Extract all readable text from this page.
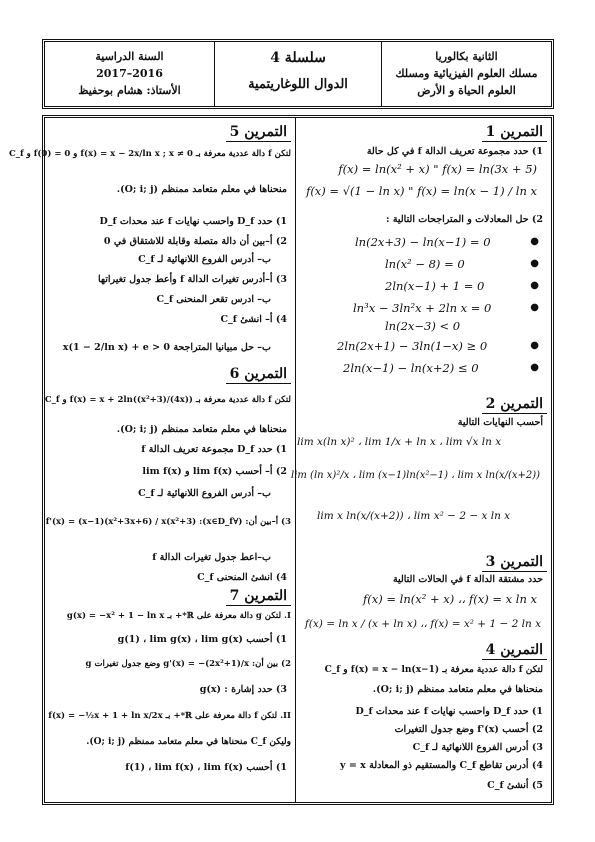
الثانية بكالوريا
مسلك العلوم الفيزيائية ومسلك
العلوم الحياة و الأرض
سلسلة 4
الدوال اللوغاريتمية
السنة الدراسية
2016–2017
الأستاذ: هشام بوحفيظ
التمرين 1
1) حدد مجموعة تعريف الدالة f في كل حالة
f(x) = ln(x² + x) " f(x) = ln(3x + 5)
f(x) = √(1 − ln x) " f(x) = ln(x − 1) / ln x
2) حل المعادلات و المتراجحات التالية :
ln(2x+3) − ln(x−1) = 0
ln(x² − 8) = 0
2ln(x−1) + 1 = 0
ln³x − 3ln²x + 2ln x = 0
ln(2x−3) < 0
2ln(2x+1) − 3ln(1−x) ≥ 0
2ln(x−1) − ln(x+2) ≤ 0
●
●
●
●
●
●
التمرين 2
أحسب النهايات التالية
lim x(ln x)² ، lim 1/x + ln x ، lim √x ln x
lim (ln x)²/x ، lim (x−1)ln(x²−1) ، lim x ln(x/(x+2))
lim x ln(x/(x+2)) ، lim x² − 2 − x ln x
التمرين 3
حدد مشتقة الدالة f في الحالات التالية
f(x) = ln(x² + x) ،، f(x) = x ln x
f(x) = ln x / (x + ln x) ،، f(x) = x² + 1 − 2 ln x
التمرين 4
لتكن f دالة عددية معرفة بـ f(x) = x − ln(x−1) و C_f
منحناها في معلم متعامد ممنظم (O; i; j).
1) حدد D_f واحسب نهايات f عند محدات D_f
2) أحسب f'(x) وضع جدول التغيرات
3) أدرس الفروع اللانهائية لـ C_f
4) أدرس تقاطع C_f والمستقيم ذو المعادلة y = x
5) أنشئ C_f
التمرين 5
لتكن f دالة عددية معرفة بـ f(x) = x − 2x/ln x ; x ≠ 0 و f(0) = 0 و C_f
منحناها في معلم متعامد ممنظم (O; i; j).
1) حدد D_f واحسب نهايات f عند محدات D_f
2) أ–بين أن دالة متصلة وقابلة للاشتقاق في 0
ب– أدرس الفروع اللانهائية لـ C_f
3) أ–أدرس تغيرات الدالة f وأعط جدول تغيراتها
ب– ادرس تقعر المنحنى C_f
4) أ– انشئ C_f
ب– حل مبيانيا المتراجحة x(1 − 2/ln x) + e > 0
التمرين 6
لتكن f دالة عددية معرفة بـ f(x) = x + 2ln((x²+3)/(4x)) و C_f
منحناها في معلم متعامد ممنظم (O; i; j).
1) حدد D_f مجموعة تعريف الدالة f
2) أ– أحسب lim f(x) و lim f(x)
ب– أدرس الفروع اللانهائية لـ C_f
3) أ–بين أن: (∀x∈D_f): f'(x) = (x−1)(x²+3x+6) / x(x²+3)
ب–اعط جدول تغيرات الدالة f
4) انشئ المنحنى C_f
التمرين 7
I. لتكن g دالة معرفة على ℝ*+ بـ g(x) = −x² + 1 − ln x
1) أحسب g(1) ، lim g(x) ، lim g(x)
2) بين أن: g'(x) = −(2x²+1)/x وضع جدول تغيرات g
3) حدد إشارة : g(x)
II. لتكن f دالة معرفة على ℝ*+ بـ f(x) = −½x + 1 + ln x/2x
وليكن C_f منحناها في معلم متعامد ممنظم (O; i; j).
1) أحسب f(1) ، lim f(x) ، lim f(x)
